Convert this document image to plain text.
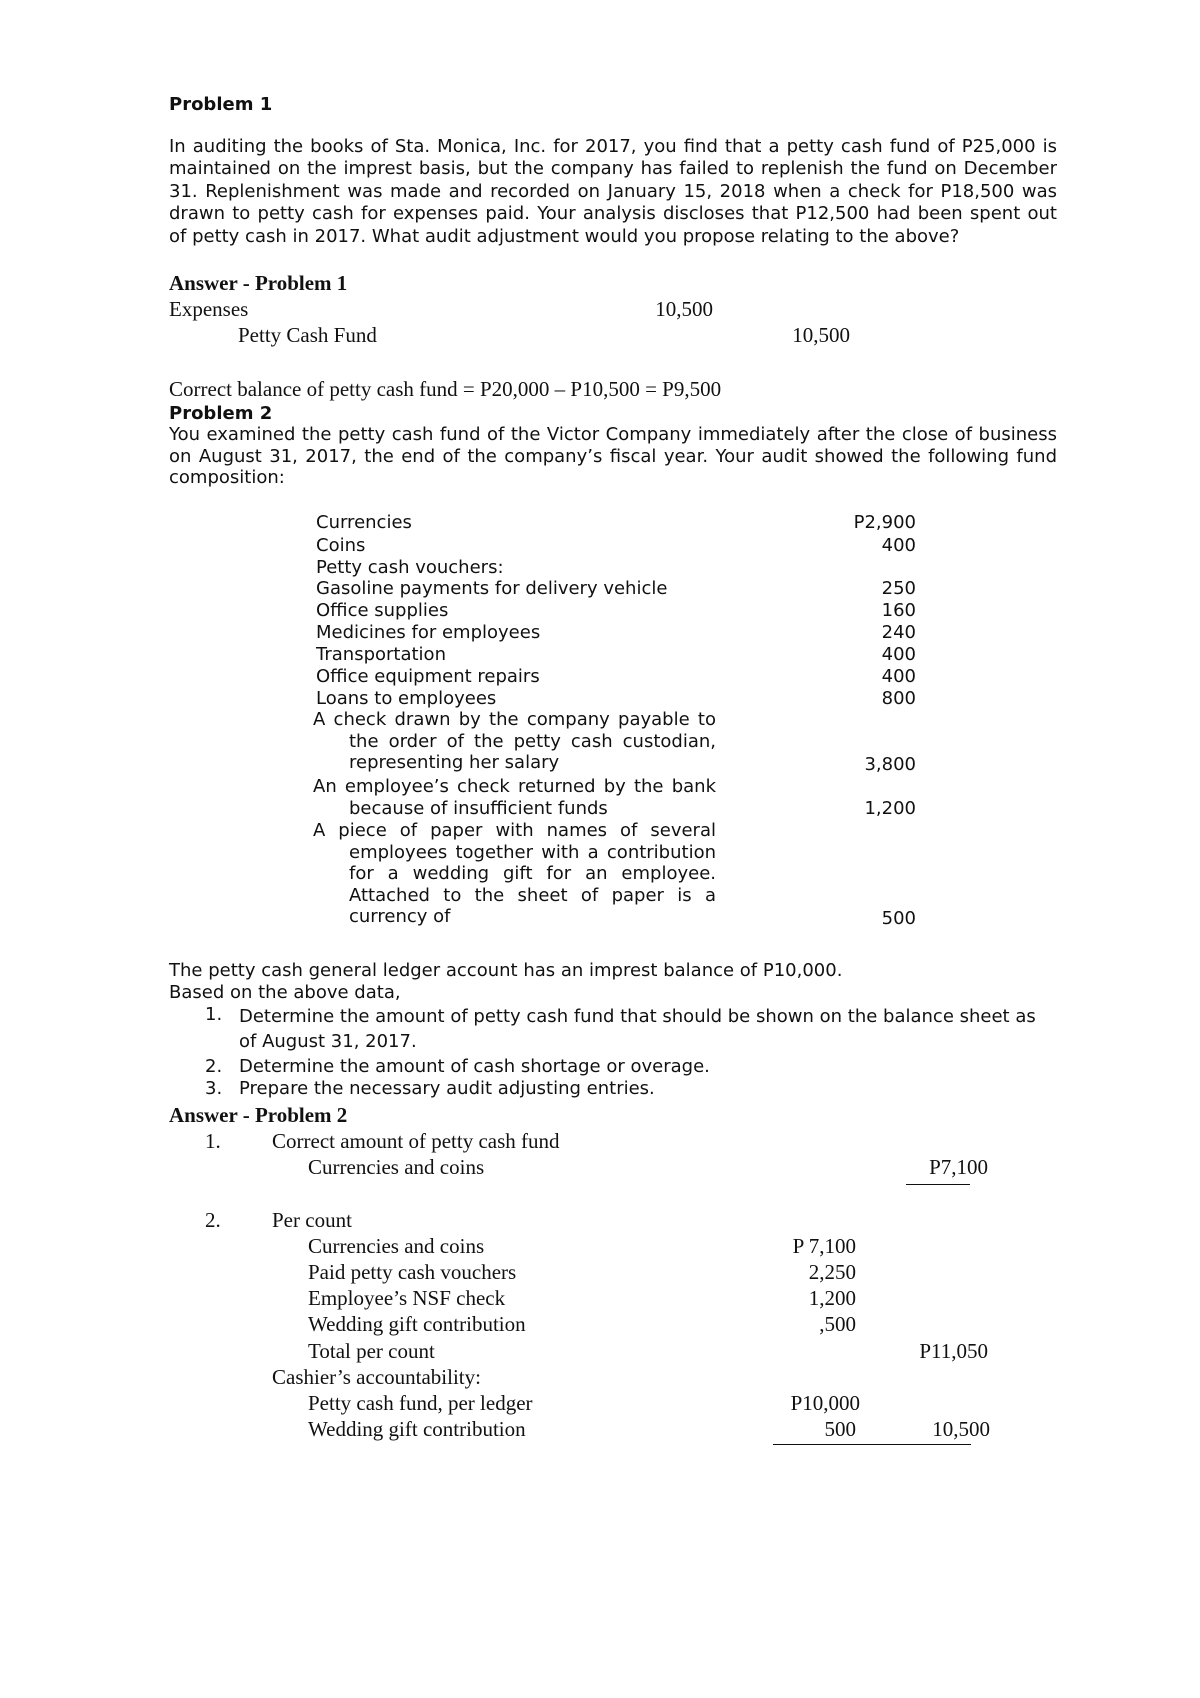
Problem 1
In auditing the books of Sta. Monica, Inc. for 2017, you find that a petty cash fund of P25,000 is maintained on the imprest basis, but the company has failed to replenish the fund on December 31. Replenishment was made and recorded on January 15, 2018 when a check for P18,500 was drawn to petty cash for expenses paid. Your analysis discloses that P12,500 had been spent out of petty cash in 2017. What audit adjustment would you propose relating to the above?
Answer - Problem 1
Expenses	10,500
Petty Cash Fund	10,500
Correct balance of petty cash fund = P20,000 – P10,500 = P9,500
Problem 2
You examined the petty cash fund of the Victor Company immediately after the close of business on August 31, 2017, the end of the company’s fiscal year. Your audit showed the following fund composition:
Currencies	P2,900
Coins	400
Petty cash vouchers:
Gasoline payments for delivery vehicle	250
Office supplies	160
Medicines for employees	240
Transportation	400
Office equipment repairs	400
Loans to employees	800
A check drawn by the company payable to the order of the petty cash custodian, representing her salary	3,800
An employee’s check returned by the bank because of insufficient funds	1,200
A piece of paper with names of several employees together with a contribution for a wedding gift for an employee. Attached to the sheet of paper is a currency of	500
The petty cash general ledger account has an imprest balance of P10,000.
Based on the above data,
1. Determine the amount of petty cash fund that should be shown on the balance sheet as of August 31, 2017.
2. Determine the amount of cash shortage or overage.
3. Prepare the necessary audit adjusting entries.
Answer - Problem 2
1. Correct amount of petty cash fund
Currencies and coins	P7,100
2. Per count
Currencies and coins	P 7,100
Paid petty cash vouchers	2,250
Employee’s NSF check	1,200
Wedding gift contribution	,500
Total per count	P11,050
Cashier’s accountability:
Petty cash fund, per ledger	P10,000
Wedding gift contribution	500	10,500
